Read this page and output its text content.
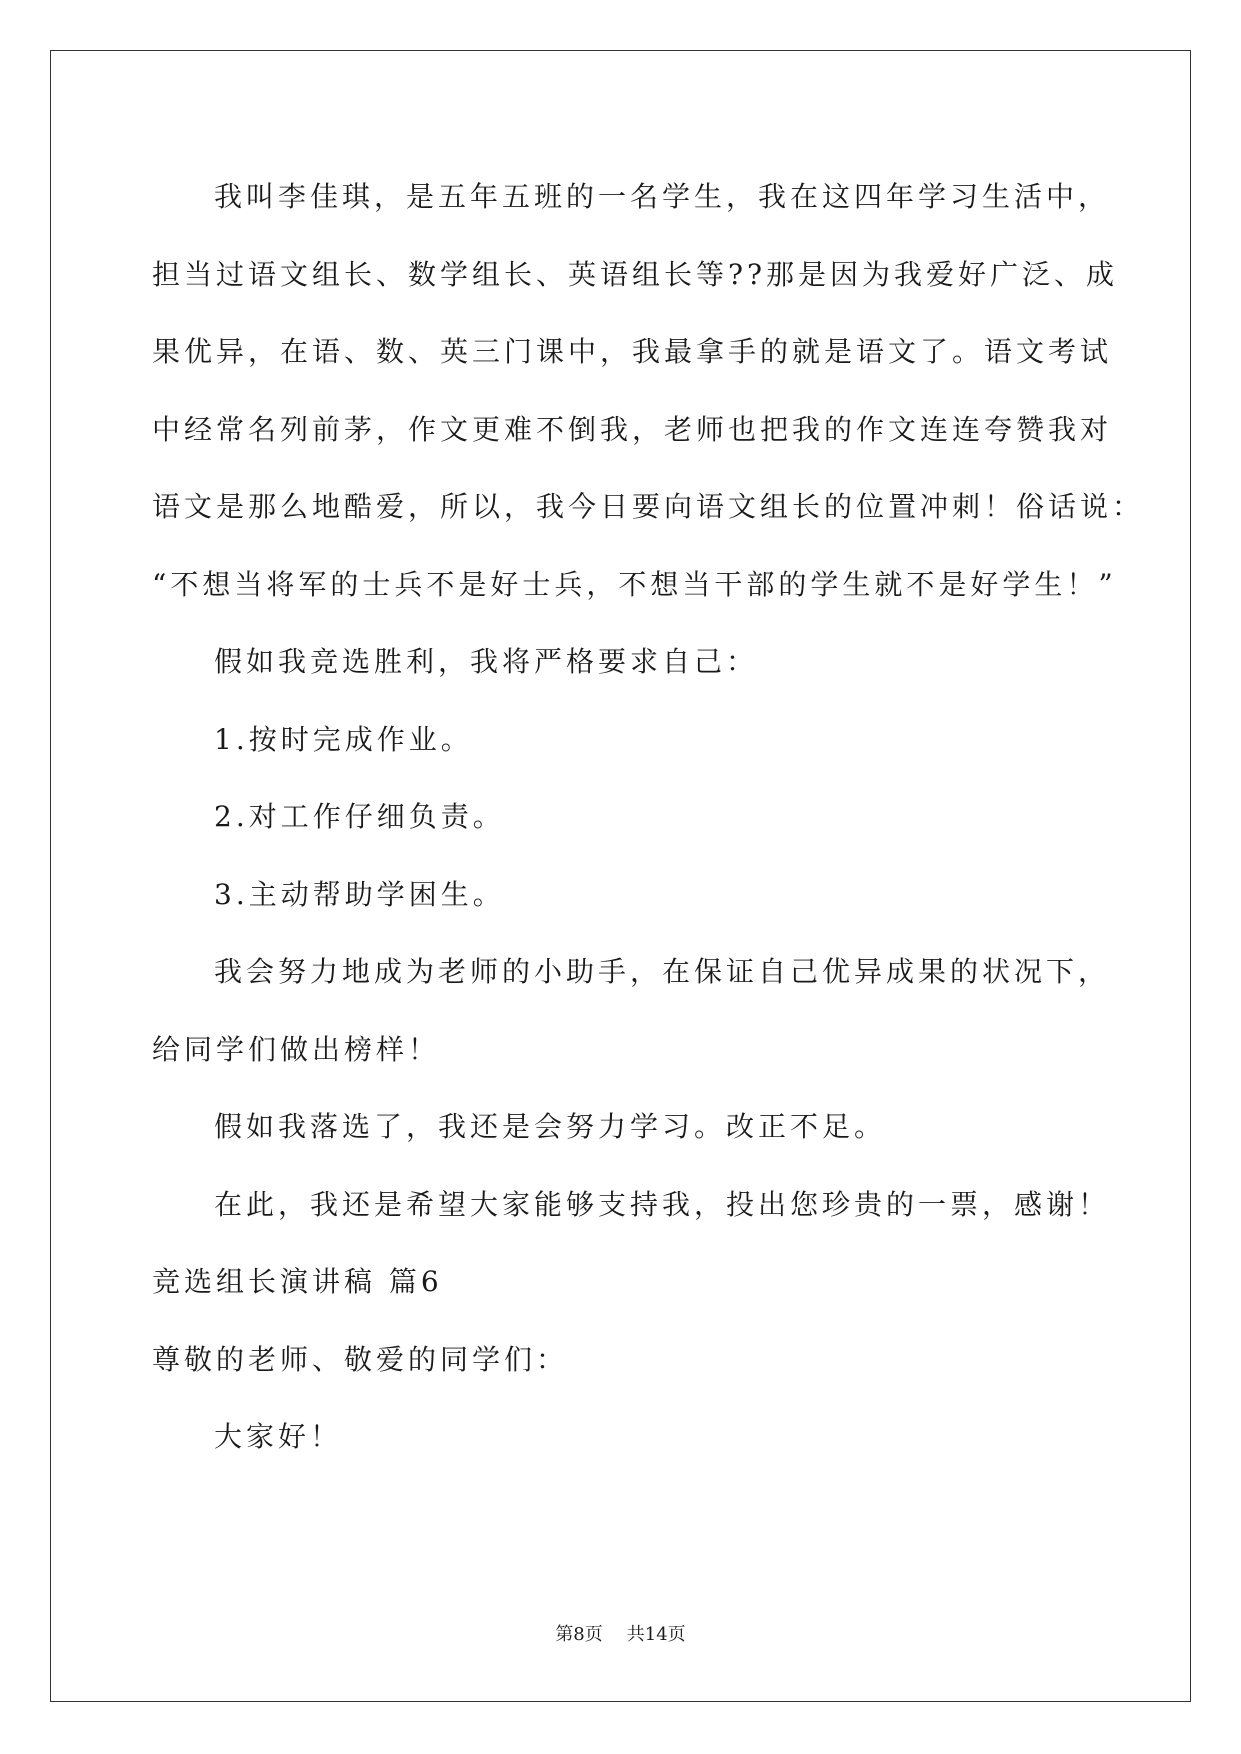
我叫李佳琪，是五年五班的一名学生，我在这四年学习生活中，

担当过语文组长、数学组长、英语组长等??那是因为我爱好广泛、成

果优异，在语、数、英三门课中，我最拿手的就是语文了。语文考试

中经常名列前茅，作文更难不倒我，老师也把我的作文连连夸赞我对

语文是那么地酷爱，所以，我今日要向语文组长的位置冲刺！俗话说：

“不想当将军的士兵不是好士兵，不想当干部的学生就不是好学生！”

假如我竞选胜利，我将严格要求自己：

1.按时完成作业。

2.对工作仔细负责。

3.主动帮助学困生。

我会努力地成为老师的小助手，在保证自己优异成果的状况下，

给同学们做出榜样！

假如我落选了，我还是会努力学习。改正不足。

在此，我还是希望大家能够支持我，投出您珍贵的一票，感谢！

竞选组长演讲稿 篇6

尊敬的老师、敬爱的同学们：

大家好！

第8页 共14页
